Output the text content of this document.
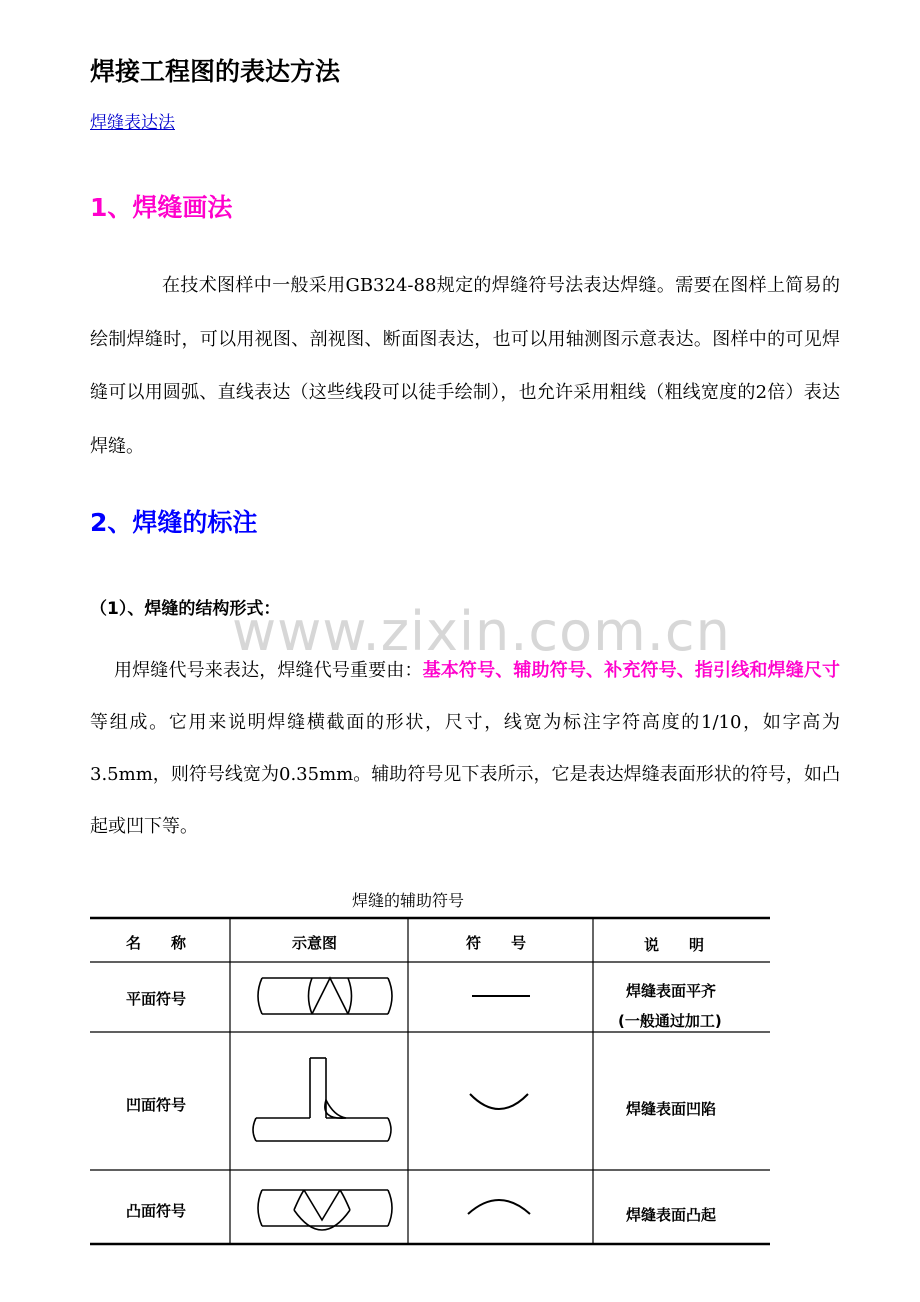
焊接工程图的表达方法
焊缝表达法
1、焊缝画法

在技术图样中一般采用GB324-88规定的焊缝符号法表达焊缝。需要在图样上简易的绘制焊缝时，可以用视图、剖视图、断面图表达，也可以用轴测图示意表达。图样中的可见焊缝可以用圆弧、直线表达（这些线段可以徒手绘制），也允许采用粗线（粗线宽度的2倍）表达焊缝。

2、焊缝的标注
（1）、焊缝的结构形式：
www.zixin.com.cn

用焊缝代号来表达，焊缝代号重要由：基本符号、辅助符号、补充符号、指引线和焊缝尺寸等组成。它用来说明焊缝横截面的形状，尺寸，线宽为标注字符高度的1/10，如字高为3.5mm，则符号线宽为0.35mm。辅助符号见下表所示，它是表达焊缝表面形状的符号，如凸起或凹下等。

焊缝的辅助符号
名　　称	示意图	符　　号	说　　明
平面符号	焊缝表面平齐
(一般通过加工)
凹面符号	焊缝表面凹陷
凸面符号	焊缝表面凸起
